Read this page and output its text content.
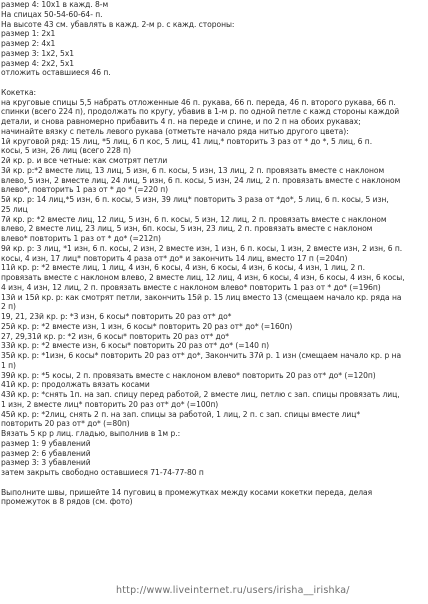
размер 4: 10х1 в кажд. 8-м
На спицах 50-54-60-64- п.
На высоте 43 см. убавлять в кажд. 2-м р. с кажд. стороны:
размер 1: 2х1
размер 2: 4х1
размер 3: 1х2, 5х1
размер 4: 2х2, 5х1
отложить оставшиеся 46 п.
Кокетка:
на круговые спицы 5,5 набрать отложенные 46 п. рукава, 66 п. переда, 46 п. второго рукава, 66 п.
спинки (всего 224 п), продолжать по кругу, убавив в 1-м р. по одной петле с кажд стороны каждой
детали, и снова равномерно прибавить 4 п. на переде и спине, и по 2 п на обоих рукавах;
начинайте вязку с петель левого рукава (отметьте начало ряда нитью другого цвета):
1й круговой ряд: 15 лиц, *5 лиц, 6 п кос, 5 лиц, 41 лиц,* повторить 3 раз от * до *, 5 лиц, 6 п.
косы, 5 изн, 26 лиц (всего 228 п)
2й кр. р. и все четные: как смотрят петли
3й кр. р:*2 вместе лиц, 13 лиц, 5 изн, 6 п. косы, 5 изн, 13 лиц, 2 п. провязать вместе с наклоном
влево, 5 изн, 2 вместе лиц, 24 лиц, 5 изн, 6 п. косы, 5 изн, 24 лиц, 2 п. провязать вместе с наклоном
влево*, повторить 1 раз от * до * (=220 п)
5й кр. р: 14 лиц,*5 изн, 6 п. косы, 5 изн, 39 лиц* повторить 3 раза от *до*, 5 лиц, 6 п. косы, 5 изн,
25 лиц
7й кр. р: *2 вместе лиц, 12 лиц, 5 изн, 6 п. косы, 5 изн, 12 лиц, 2 п. провязать вместе с наклоном
влево, 2 вместе лиц, 23 лиц, 5 изн, 6п. косы, 5 изн, 23 лиц, 2 п. провязать вместе с наклоном
влево* повторить 1 раз от * до* (=212п)
9й кр. р: 3 лиц, *1 изн, 6 п. косы, 2 изн, 2 вместе изн, 1 изн, 6 п. косы, 1 изн, 2 вместе изн, 2 изн, 6 п.
косы, 4 изн, 17 лиц* повторить 4 раза от* до* и закончить 14 лиц, вместо 17 п (=204п)
11й кр. р: *2 вместе лиц, 1 лиц, 4 изн, 6 косы, 4 изн, 6 косы, 4 изн, 6 косы, 4 изн, 1 лиц, 2 п.
провязать вместе с наклоном влево, 2 вместе лиц, 12 лиц, 4 изн, 6 косы, 4 изн, 6 косы, 4 изн, 6 косы,
4 изн, 4 изн, 12 лиц, 2 п. провязать вместе с наклоном влево* повторить 1 раз от * до* (=196п)
13й и 15й кр. р: как смотрят петли, закончить 15й р. 15 лиц вместо 13 (смещаем начало кр. ряда на
2 п)
19, 21, 23й кр. р: *3 изн, 6 косы* повторить 20 раз от* до*
25й кр. р: *2 вместе изн, 1 изн, 6 косы* повторить 20 раз от* до* (=160п)
27, 29,31й кр. р: *2 изн, 6 косы* повторить 20 раз от* до*
33й кр. р: *2 вместе изн, 6 косы* повторить 20 раз от* до* (=140 п)
35й кр. р: *1изн, 6 косы* повторить 20 раз от* до*, Закончить 37й р. 1 изн (смещаем начало кр. р на
1 п)
39й кр. р: *5 косы, 2 п. провязать вместе с наклоном влево* повторить 20 раз от* до* (=120п)
41й кр. р: продолжать вязать косами
43й кр. р: *снять 1п. на зап. спицу перед работой, 2 вместе лиц, петлю с зап. спицы провязать лиц,
1 изн, 2 вместе лиц* повторить 20 раз от* до* (=100п)
45й кр. р: *2лиц, снять 2 п. на зап. спицы за работой, 1 лиц, 2 п. с зап. спицы вместе лиц*
повторить 20 раз от* до* (=80п)
Вязать 5 кр р лиц. гладью, выполнив в 1м р.:
размер 1: 9 убавлений
размер 2: 6 убавлений
размер 3: 3 убавлений
затем закрыть свободно оставшиеся 71-74-77-80 п
Выполните швы, пришейте 14 пуговиц в промежутках между косами кокетки переда, делая
промежуток в 8 рядов (см. фото)
http://www.liveinternet.ru/users/irisha__irishka/
